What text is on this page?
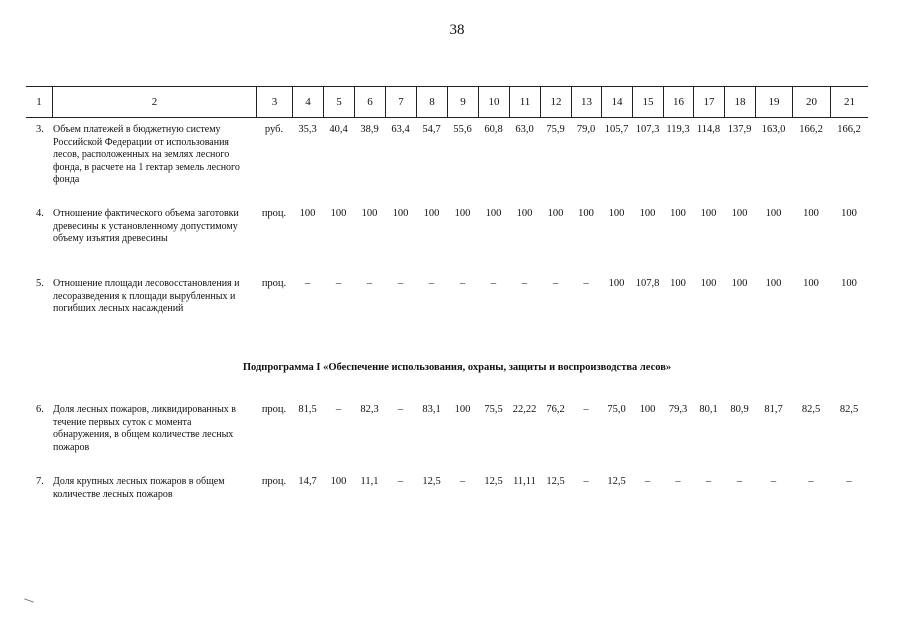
38
1	2	3	4	5	6	7	8	9	10	11	12	13	14	15	16	17	18	19	20	21
3. Объем платежей в бюджетную систему Российской Федерации от использования лесов, расположенных на землях лесного фонда, в расчете на 1 гектар земель лесного фонда
руб.	35,3	40,4	38,9	63,4	54,7	55,6	60,8	63,0	75,9	79,0 105,7 107,3 119,3 114,8 137,9 163,0	166,2	166,2
4. Отношение фактического объема заготовки древесины к установленному допустимому объему изъятия древесины
проц.	100	100	100	100	100	100	100	100	100	100	100	100	100	100	100	100	100	100
5. Отношение площади лесовосстановления и лесоразведения к площади вырубленных и погибших лесных насаждений
проц.	–	–	–	–	–	–	–	–	–	–	100	107,8	100	100	100	100	100	100
6. Доля лесных пожаров, ликвидированных в течение первых суток с момента обнаружения, в общем количестве лесных пожаров
проц.	81,5	–	82,3	–	83,1	100	75,5 22,22 76,2	–	75,0	100	79,3	80,1	80,9	81,7	82,5	82,5
7. Доля крупных лесных пожаров в общем количестве лесных пожаров
проц.	14,7	100	11,1	–	12,5	–	12,5 11,11 12,5	–	12,5	–	–	–	–	–	–	–
Подпрограмма I «Обеспечение использования, охраны, защиты и воспроизводства лесов»
